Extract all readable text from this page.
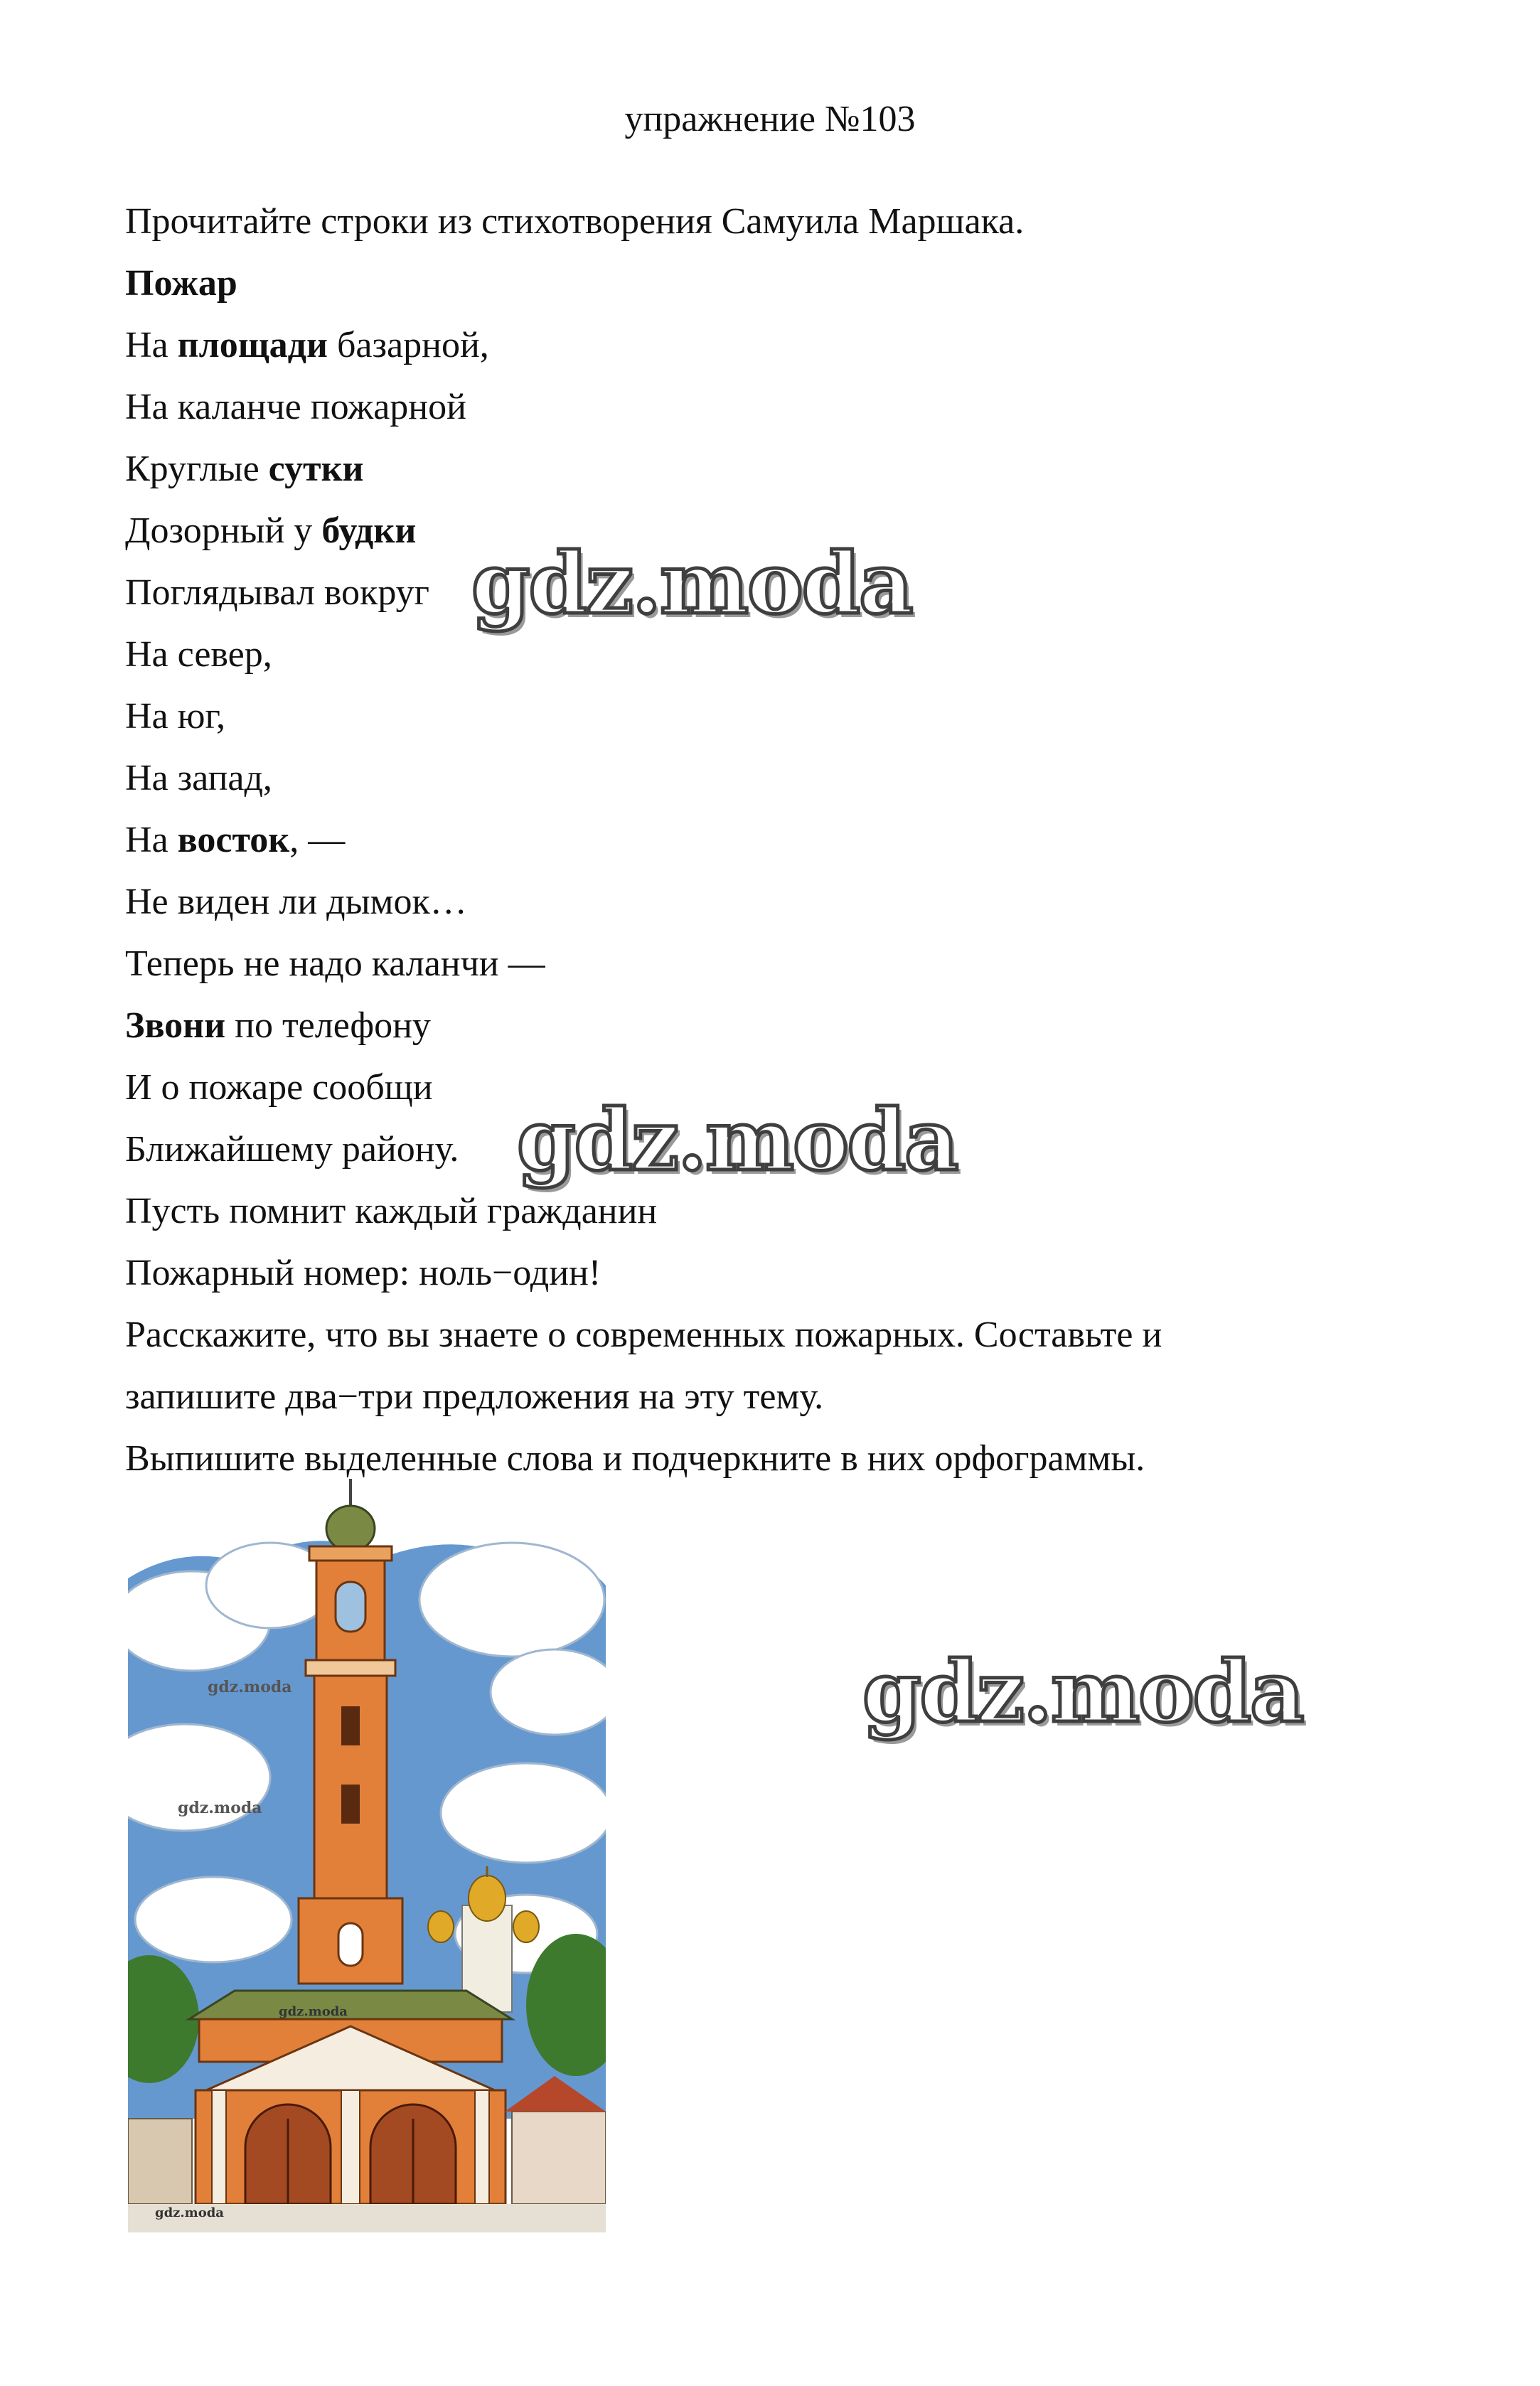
упражнение №103
Прочитайте строки из стихотворения Самуила Маршака.
Пожар
На площади базарной,
На каланче пожарной
Круглые сутки
Дозорный у будки
Поглядывал вокруг
На север,
На юг,
На запад,
На восток, —
Не виден ли дымок…
Теперь не надо каланчи —
Звони по телефону
И о пожаре сообщи
Ближайшему району.
Пусть помнит каждый гражданин
Пожарный номер: ноль−один!
Расскажите, что вы знаете о современных пожарных. Составьте и
запишите два−три предложения на эту тему.
Выпишите выделенные слова и подчеркните в них орфограммы.
gdz.moda
gdz.moda
gdz.moda
gdz.moda
gdz.moda
gdz.moda
gdz.moda
